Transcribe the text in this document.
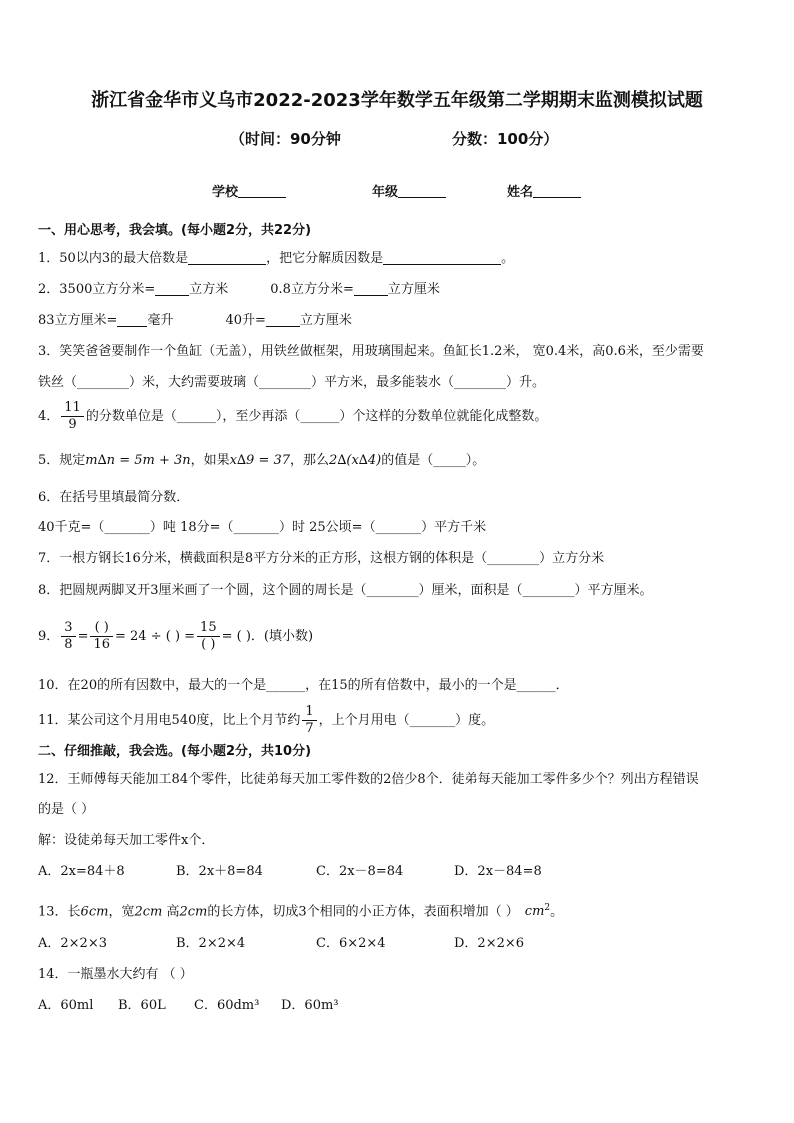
浙江省金华市义乌市2022-2023学年数学五年级第二学期期末监测模拟试题
（时间：90分钟	分数：100分）
学校	年级	姓名
一、用心思考，我会填。(每小题2分，共22分)
1．50以内3的最大倍数是	，把它分解质因数是	。
2．3500立方分米=	立方米	0.8立方分米=	立方厘米
83立方厘米= 毫升	40升=	立方厘米
3．笑笑爸爸要制作一个鱼缸（无盖），用铁丝做框架，用玻璃围起来。鱼缸长1.2米， 宽0.4米，高0.6米，至少需要
铁丝（________）米，大约需要玻璃（________）平方米，最多能装水（________）升。
4． $\frac{11}{9}$ 的分数单位是（______），至少再添（______）个这样的分数单位就能化成整数。
5．规定m∆n = 5m + 3n，如果x∆9 = 37，那么2∆(x∆4)的值是（_____）。
6．在括号里填最简分数．
40千克=（_______）吨 18分=（_______）时 25公顷=（_______）平方千米
7．一根方钢长16分米，横截面积是8平方分米的正方形，这根方钢的体积是（________）立方分米
8．把圆规两脚叉开3厘米画了一个圆，这个圆的周长是（________）厘米，面积是（________）平方厘米。
9． $\frac{3}{8} = \frac{( )}{16} = 24$ ÷ ( ) = $\frac{15}{( )}$ = ( )．(填小数)
10．在20的所有因数中，最大的一个是______，在15的所有倍数中，最小的一个是______．
11．某公司这个月用电540度，比上个月节约 $\frac{1}{7}$ ，上个月用电（_______）度。
二、仔细推敲，我会选。(每小题2分，共10分)
12．王师傅每天能加工84个零件，比徒弟每天加工零件数的2倍少8个．徒弟每天能加工零件多少个？列出方程错误
的是（ ）
解：设徒弟每天加工零件x个．
A．2x=84＋8	B．2x＋8=84	C．2x－8=84	D．2x－84=8
13．长6cm，宽2cm 高2cm的长方体，切成3个相同的小正方体，表面积增加（ ） $cm^2$。
A．2×2×3	B．2×2×4	C．6×2×4	D．2×2×6
14．一瓶墨水大约有 （ ）
A．60ml B．60L C．60dm³ D．60m³
